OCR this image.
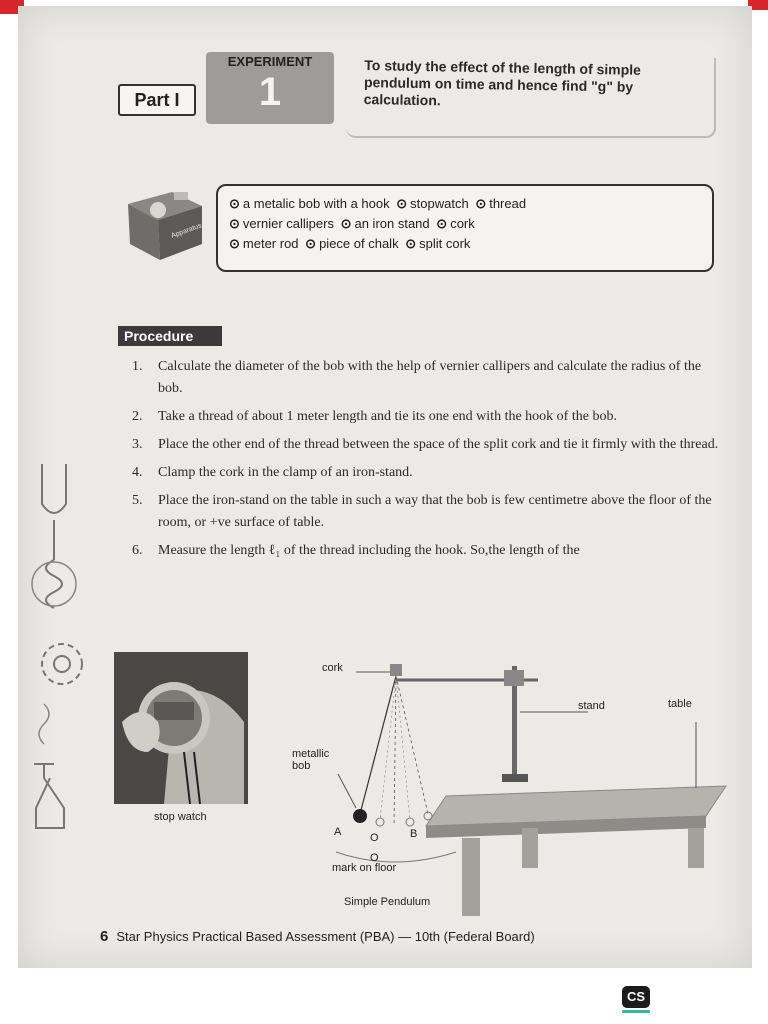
Part I
EXPERIMENT
1
To study the effect of the length of simple pendulum on time and hence find "g" by calculation.
Apparatus
⊙ a metalic bob with a hook ⊙ stopwatch ⊙ thread
⊙ vernier callipers ⊙ an iron stand ⊙ cork
⊙ meter rod ⊙ piece of chalk ⊙ split cork
Procedure
1.	Calculate the diameter of the bob with the help of vernier callipers and calculate the radius of the bob.
2.	Take a thread of about 1 meter length and tie its one end with the hook of the bob.
3.	Place the other end of the thread between the space of the split cork and tie it firmly with the thread.
4.	Clamp the cork in the clamp of an iron-stand.
5.	Place the iron-stand on the table in such a way that the bob is few centimetre above the floor of the room, or +ve surface of table.
6.	Measure the length ℓ₁ of the thread including the hook. So,the length of the
stop watch
cork
stand	table
metallic bob
A	O	B
O
mark on floor
Simple Pendulum
6 Star Physics Practical Based Assessment (PBA) — 10th (Federal Board)
CS
